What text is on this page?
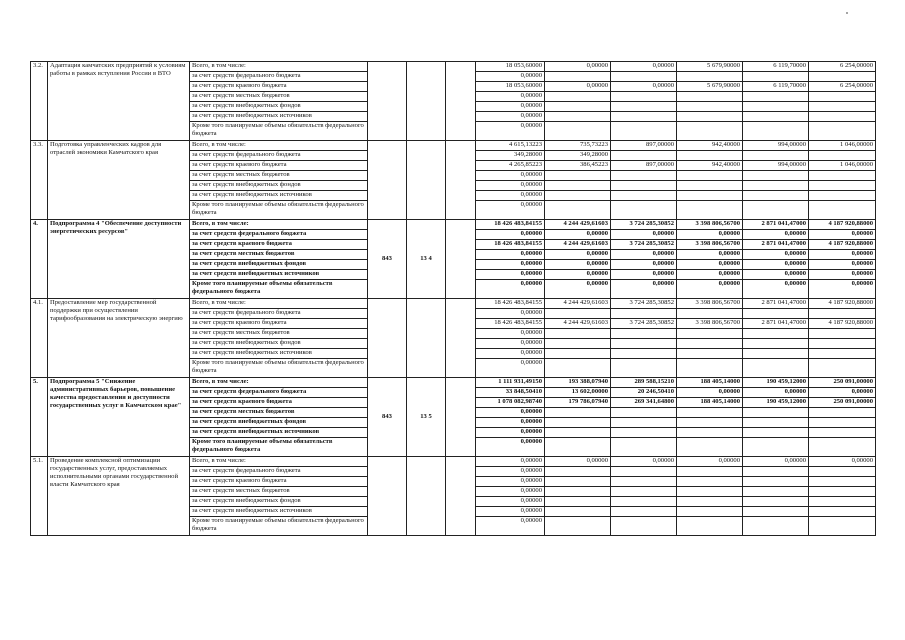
3.2.	Адаптация камчатских предприятий к условиям работы в рамках вступления России в ВТО	Всего, в том числе:				18 053,60000	0,00000	0,00000	5 679,90000	6 119,70000	6 254,00000
		за счет средств федерального бюджета				0,00000					
		за счет средств краевого бюджета				18 053,60000	0,00000	0,00000	5 679,90000	6 119,70000	6 254,00000
		за счет средств местных бюджетов				0,00000					
		за счет средств внебюджетных фондов				0,00000					
		за счет средств внебюджетных источников				0,00000					
		Кроме того планируемые объемы обязательств федерального бюджета				0,00000					
3.3.	Подготовка управленческих кадров для отраслей экономики Камчатского края	Всего, в том числе:				4 615,13223	735,73223	897,00000	942,40000	994,00000	1 046,00000
		за счет средств федерального бюджета				349,28000	349,28000				
		за счет средств краевого бюджета				4 265,85223	386,45223	897,00000	942,40000	994,00000	1 046,00000
		за счет средств местных бюджетов				0,00000					
		за счет средств внебюджетных фондов				0,00000					
		за счет средств внебюджетных источников				0,00000					
		Кроме того планируемые объемы обязательств федерального бюджета				0,00000					
4.	Подпрограмма 4 "Обеспечение доступности энергетических ресурсов"	Всего, в том числе:	843	13 4		18 426 483,84155	4 244 429,61603	3 724 285,30852	3 398 806,56700	2 871 041,47000	4 187 920,88000
		за счет средств федерального бюджета				0,00000	0,00000	0,00000	0,00000	0,00000	0,00000
		за счет средств краевого бюджета				18 426 483,84155	4 244 429,61603	3 724 285,30852	3 398 806,56700	2 871 041,47000	4 187 920,88000
		за счет средств местных бюджетов				0,00000	0,00000	0,00000	0,00000	0,00000	0,00000
		за счет средств внебюджетных фондов				0,00000	0,00000	0,00000	0,00000	0,00000	0,00000
		за счет средств внебюджетных источников				0,00000	0,00000	0,00000	0,00000	0,00000	0,00000
		Кроме того планируемые объемы обязательств федерального бюджета				0,00000	0,00000	0,00000	0,00000	0,00000	0,00000
4.1.	Предоставление мер государственной поддержки при осуществлении тарифообразования на электрическую энергию	Всего, в том числе:				18 426 483,84155	4 244 429,61603	3 724 285,30852	3 398 806,56700	2 871 041,47000	4 187 920,88000
		за счет средств федерального бюджета				0,00000					
		за счет средств краевого бюджета				18 426 483,84155	4 244 429,61603	3 724 285,30852	3 398 806,56700	2 871 041,47000	4 187 920,88000
		за счет средств местных бюджетов				0,00000					
		за счет средств внебюджетных фондов				0,00000					
		за счет средств внебюджетных источников				0,00000					
		Кроме того планируемые объемы обязательств федерального бюджета				0,00000					
5.	Подпрограмма 5 "Снижение административных барьеров, повышение качества предоставления и доступности государственных услуг в Камчатском крае"	Всего, в том числе:	843	13 5		1 111 931,49150	193 388,07940	289 588,15210	188 405,14000	190 459,12000	250 091,00000
		за счет средств федерального бюджета				33 848,50410	13 602,00000	20 246,50410	0,00000	0,00000	0,00000
		за счет средств краевого бюджета				1 078 082,98740	179 786,07940	269 341,64800	188 405,14000	190 459,12000	250 091,00000
		за счет средств местных бюджетов				0,00000					
		за счет средств внебюджетных фондов				0,00000					
		за счет средств внебюджетных источников				0,00000					
		Кроме того планируемые объемы обязательств федерального бюджета				0,00000					
5.1.	Проведение комплексной оптимизации государственных услуг, предоставляемых исполнительными органами государственной власти Камчатского края	Всего, в том числе:				0,00000	0,00000	0,00000	0,00000	0,00000	0,00000
		за счет средств федерального бюджета				0,00000					
		за счет средств краевого бюджета				0,00000					
		за счет средств местных бюджетов				0,00000					
		за счет средств внебюджетных фондов				0,00000					
		за счет средств внебюджетных источников				0,00000					
		Кроме того планируемые объемы обязательств федерального бюджета				0,00000					
